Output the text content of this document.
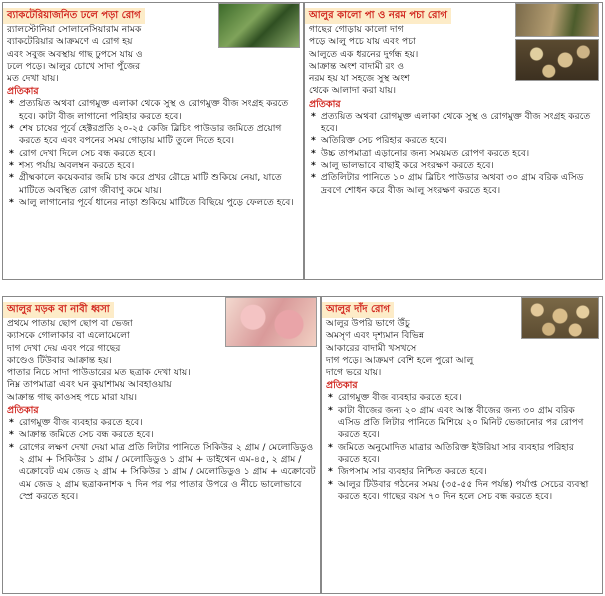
ব্যাকটেরিয়াজনিত ঢলে পড়া রোগ
র‍্যালস্টোনিয়া সোলানেসিয়ারাম নামক
ব্যাকটেরিয়ার আক্রমণে এ রোগ হয়
এবং সবুজ অবস্থায় গাছ ঢুপসে যায় ও
ঢলে পড়ে। আলুর চোখে সাদা পুঁজের
মত দেখা যায়।
প্রতিকার
* প্রত্যয়িত অথবা রোগমুক্ত এলাকা থেকে সুস্থ ও রোগমুক্ত বীজ সংগ্রহ করতে হবে। কাটা বীজ লাগানো পরিহার করতে হবে।
* শেষ চাষের পূর্বে হেক্টরপ্রতি ২০-২৫ কেজি ব্লিচিং পাউডার জমিতে প্রয়োগ করতে হবে এবং বপনের সময় গোড়ায় মাটি তুলে দিতে হবে।
* রোগ দেখা দিলে সেচ বন্ধ করতে হবে।
* শস্য পর্যায় অবলম্বন করতে হবে।
* গ্রীষ্মকালে কয়েকবার জমি চাষ করে প্রখর রৌদ্রে মাটি শুকিয়ে নেয়া, যাতে মাটিতে অবস্থিত রোগ জীবাণু কমে যায়।
* আলু লাগানোর পূর্বে ধানের নাড়া শুকিয়ে মাটিতে বিছিয়ে পুড়ে ফেলতে হবে।
আলুর কালো পা ও নরম পচা রোগ
গাছের গোড়ায় কালো দাগ
পড়ে আলু পচে যায় এবং পচা
আলুতে এক ধরনের দুর্গন্ধ হয়।
আক্রান্ত অংশ বাদামী রং ও
নরম হয় যা সহজে সুস্থ অংশ
থেকে আলাদা করা যায়।
প্রতিকার
* প্রত্যয়িত অথবা রোগমুক্ত এলাকা থেকে সুস্থ ও রোগমুক্ত বীজ সংগ্রহ করতে হবে।
* অতিরিক্ত সেচ পরিহার করতে হবে।
* উচ্চ তাপমাত্রা এড়ানোর জন্য সময়মত রোপণ করতে হবে।
* আলু ভালভাবে বাছাই করে সংরক্ষণ করতে হবে।
* প্রতিলিটার পানিতে ১০ গ্রাম ব্লিচিং পাউডার অথবা ৩০ গ্রাম বরিক এসিড দ্রবণে শোধন করে বীজ আলু সংরক্ষণ করতে হবে।
আলুর মড়ক বা নাবী ধ্বসা
প্রথমে পাতায় ছোপ ছোপ বা ভেজা
ক্যাসকে গোলাকার বা এলোমেলো
দাগ দেখা দেয় এবং পরে গাছের
কাণ্ডেও টিউবার আক্রান্ত হয়।
পাতার নিচে সাদা পাউডারের মত ছত্রাক দেখা যায়।
নিম্ন তাপমাত্রা এবং ঘন কুয়াশাময় আবহাওয়ায়
আক্রান্ত গাছ কাওসহ পচে মারা যায়।
প্রতিকার
* রোগমুক্ত বীজ ব্যবহার করতে হবে।
* আক্রান্ত জমিতে সেচ বন্ধ করতে হবে।
* রোগের লক্ষণ দেখা দেয়া মাত্র প্রতি লিটার পানিতে সিকিউর ২ গ্রাম / মেলোডিডুও ২ গ্রাম + সিকিউর ১ গ্রাম / মেলোডিডুও ১ গ্রাম + ডাইথেন এম-৪৫, ২ গ্রাম / এক্রোবেট এম জেড ২ গ্রাম + সিকিউর ১ গ্রাম / মেলোডিডুও ১ গ্রাম + এক্রোবেট এম জেড ২ গ্রাম ছত্রাকনাশক ৭ দিন পর পর পাতার উপরে ও নীচে ভালোভাবে স্প্রে করতে হবে।
আলুর দাঁদ রোগ
আলুর উপরি ভাগে উঁচু
অমসৃণ এবং দৃশ্যমান বিভিন্ন
আকারের বাদামী খসখসে
দাগ পড়ে। আক্রমণ বেশি হলে পুরো আলু
দাগে ভরে যায়।
প্রতিকার
* রোগমুক্ত বীজ ব্যবহার করতে হবে।
* কাটা বীজের জন্য ২০ গ্রাম এবং আস্ত বীজের জন্য ৩০ গ্রাম বরিক এসিড প্রতি লিটার পানিতে মিশিয়ে ২০ মিনিট ভেজানোর পর রোপণ করতে হবে।
* জমিতে অনুমোদিত মাত্রার অতিরিক্ত ইউরিয়া সার ব্যবহার পরিহার করতে হবে।
* জিপসাম সার ব্যবহার নিশ্চিত করতে হবে।
* আলুর টিউবার গঠনের সময় (৩৫-৫৫ দিন পর্যন্ত) পর্যাপ্ত সেচের ব্যবস্থা করতে হবে। গাছের বয়স ৭০ দিন হলে সেচ বন্ধ করতে হবে।
